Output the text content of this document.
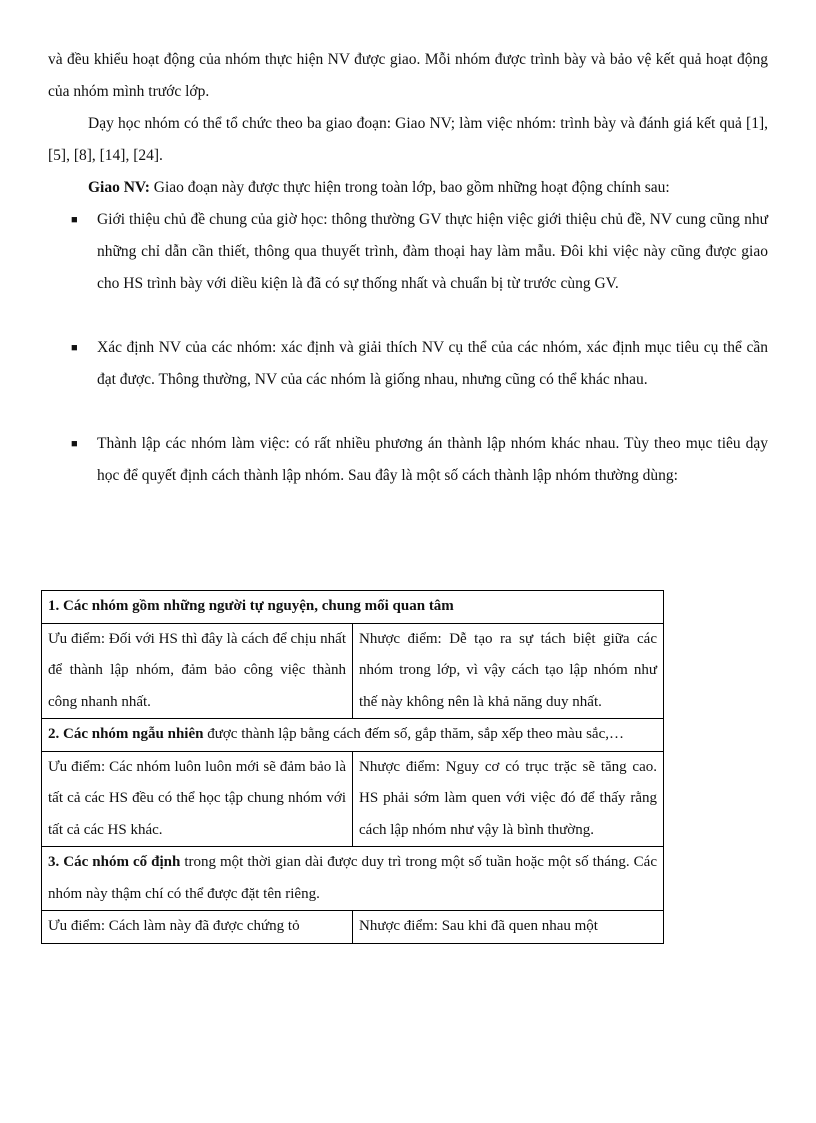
và đều khiểu hoạt động của nhóm thực hiện NV được giao. Mỗi nhóm được trình bày và bảo vệ kết quả hoạt động của nhóm mình trước lớp.

Dạy học nhóm có thể tổ chức theo ba giao đoạn: Giao NV; làm việc nhóm: trình bày và đánh giá kết quả [1], [5], [8], [14], [24].

Giao NV: Giao đoạn này được thực hiện trong toàn lớp, bao gồm những hoạt động chính sau:

■ Giới thiệu chủ đề chung của giờ học: thông thường GV thực hiện việc giới thiệu chủ đề, NV cung cũng như những chỉ dẫn cần thiết, thông qua thuyết trình, đàm thoại hay làm mẫu. Đôi khi việc này cũng được giao cho HS trình bày với diều kiện là đã có sự thống nhất và chuẩn bị từ trước cùng GV.

■ Xác định NV của các nhóm: xác định và giải thích NV cụ thể của các nhóm, xác định mục tiêu cụ thể cần đạt được. Thông thường, NV của các nhóm là giống nhau, nhưng cũng có thể khác nhau.

■ Thành lập các nhóm làm việc: có rất nhiều phương án thành lập nhóm khác nhau. Tùy theo mục tiêu dạy học để quyết định cách thành lập nhóm. Sau đây là một số cách thành lập nhóm thường dùng:

1. Các nhóm gồm những người tự nguyện, chung mối quan tâm	
Ưu điểm: Đối với HS thì đây là cách để chịu nhất để thành lập nhóm, đảm bảo công việc thành công nhanh nhất.	Nhược điểm: Dễ tạo ra sự tách biệt giữa các nhóm trong lớp, vì vậy cách tạo lập nhóm như thế này không nên là khả năng duy nhất.
2. Các nhóm ngẫu nhiên được thành lập bằng cách đếm số, gắp thăm, sắp xếp theo màu sắc,…	
Ưu điểm: Các nhóm luôn luôn mới sẽ đảm bảo là tất cả các HS đều có thể học tập chung nhóm với tất cả các HS khác.	Nhược điểm: Nguy cơ có trục trặc sẽ tăng cao. HS phải sớm làm quen với việc đó để thấy rằng cách lập nhóm như vậy là bình thường.
3. Các nhóm cố định trong một thời gian dài được duy trì trong một số tuần hoặc một số tháng. Các nhóm này thậm chí có thể được đặt tên riêng.	
Ưu điểm: Cách làm này đã được chứng tỏ	Nhược điểm: Sau khi đã quen nhau một
